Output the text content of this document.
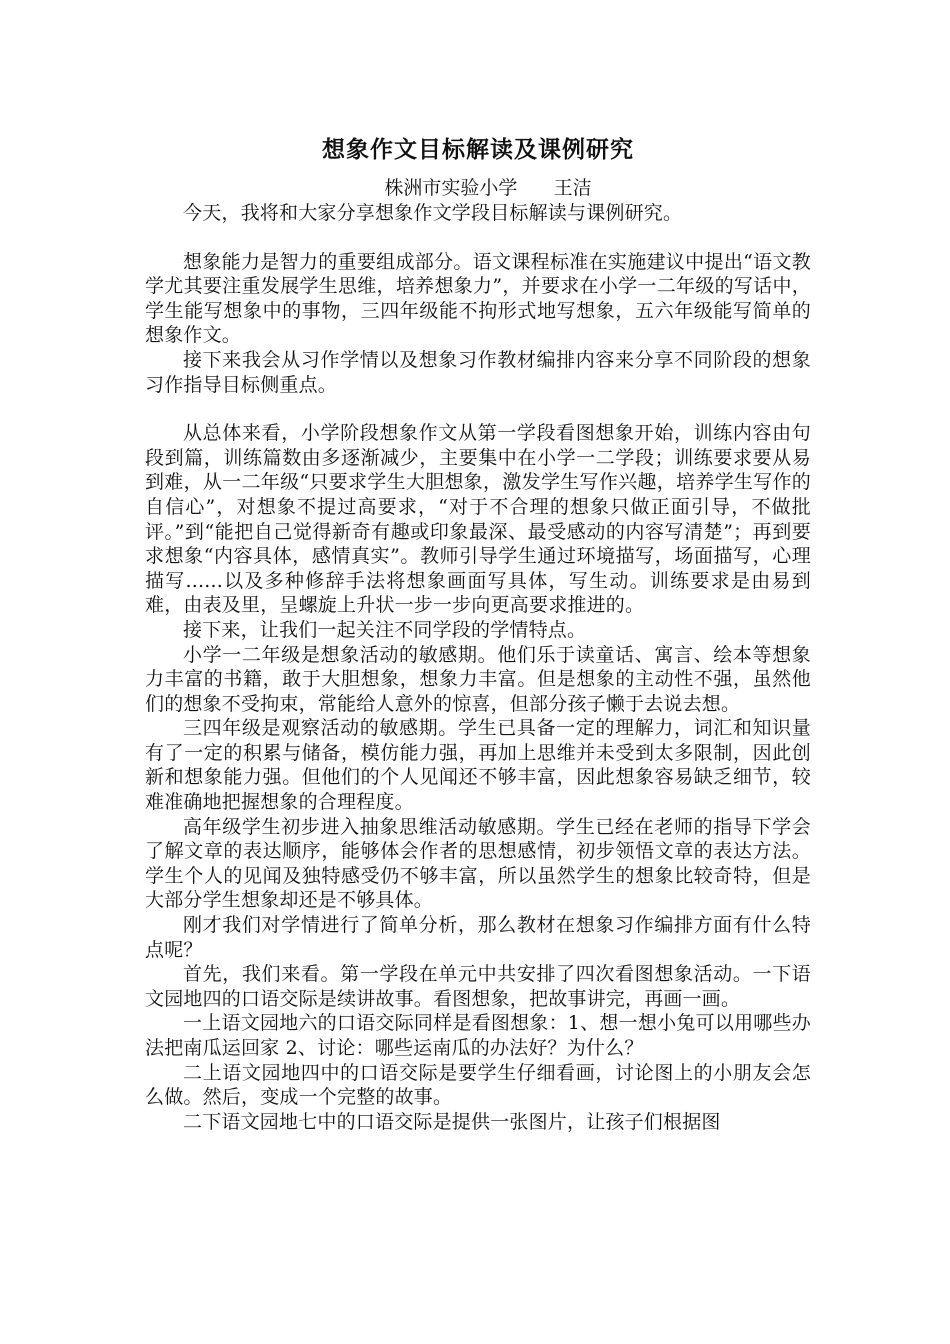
想象作文目标解读及课例研究

株洲市实验小学      王洁

今天，我将和大家分享想象作文学段目标解读与课例研究。

想象能力是智力的重要组成部分。语文课程标准在实施建议中提出“语文教学尤其要注重发展学生思维，培养想象力”，并要求在小学一二年级的写话中，学生能写想象中的事物，三四年级能不拘形式地写想象，五六年级能写简单的想象作文。

接下来我会从习作学情以及想象习作教材编排内容来分享不同阶段的想象习作指导目标侧重点。

从总体来看，小学阶段想象作文从第一学段看图想象开始，训练内容由句段到篇，训练篇数由多逐渐减少，主要集中在小学一二学段；训练要求要从易到难，从一二年级“只要求学生大胆想象，激发学生写作兴趣，培养学生写作的自信心”，对想象不提过高要求，“对于不合理的想象只做正面引导，不做批评。”到“能把自己觉得新奇有趣或印象最深、最受感动的内容写清楚”；再到要求想象“内容具体，感情真实”。教师引导学生通过环境描写，场面描写，心理描写......以及多种修辞手法将想象画面写具体，写生动。训练要求是由易到难，由表及里，呈螺旋上升状一步一步向更高要求推进的。

接下来，让我们一起关注不同学段的学情特点。

小学一二年级是想象活动的敏感期。他们乐于读童话、寓言、绘本等想象力丰富的书籍，敢于大胆想象，想象力丰富。但是想象的主动性不强，虽然他们的想象不受拘束，常能给人意外的惊喜，但部分孩子懒于去说去想。

三四年级是观察活动的敏感期。学生已具备一定的理解力，词汇和知识量有了一定的积累与储备，模仿能力强，再加上思维并未受到太多限制，因此创新和想象能力强。但他们的个人见闻还不够丰富，因此想象容易缺乏细节，较难准确地把握想象的合理程度。

高年级学生初步进入抽象思维活动敏感期。学生已经在老师的指导下学会了解文章的表达顺序，能够体会作者的思想感情，初步领悟文章的表达方法。学生个人的见闻及独特感受仍不够丰富，所以虽然学生的想象比较奇特，但是大部分学生想象却还是不够具体。

刚才我们对学情进行了简单分析，那么教材在想象习作编排方面有什么特点呢？

首先，我们来看。第一学段在单元中共安排了四次看图想象活动。一下语文园地四的口语交际是续讲故事。看图想象，把故事讲完，再画一画。

一上语文园地六的口语交际同样是看图想象：1、想一想小兔可以用哪些办法把南瓜运回家 2、讨论：哪些运南瓜的办法好？为什么？

二上语文园地四中的口语交际是要学生仔细看画，讨论图上的小朋友会怎么做。然后，变成一个完整的故事。

二下语文园地七中的口语交际是提供一张图片，让孩子们根据图
